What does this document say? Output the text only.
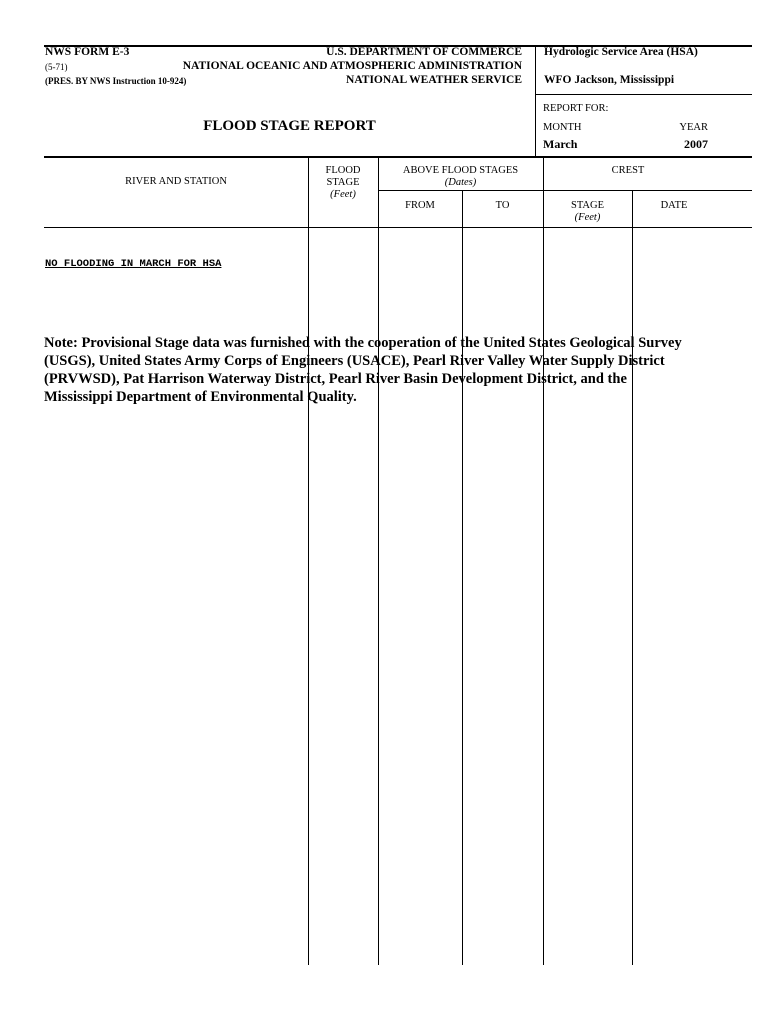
NWS FORM E-3
(5-71)
(PRES. BY NWS Instruction 10-924)
U.S. DEPARTMENT OF COMMERCE
NATIONAL OCEANIC AND ATMOSPHERIC ADMINISTRATION
NATIONAL WEATHER SERVICE
Hydrologic Service Area (HSA)
WFO Jackson, Mississippi
FLOOD STAGE REPORT
REPORT FOR:
MONTH	YEAR
March	2007
RIVER AND STATION
FLOOD
STAGE
(Feet)
ABOVE FLOOD STAGES
(Dates)
FROM	TO
CREST
STAGE
(Feet)
DATE
NO FLOODING IN MARCH FOR HSA
Note: Provisional Stage data was furnished with the cooperation of the United States Geological Survey
(USGS), United States Army Corps of Engineers (USACE), Pearl River Valley Water Supply District
(PRVWSD), Pat Harrison Waterway District, Pearl River Basin Development District, and the
Mississippi Department of Environmental Quality.
